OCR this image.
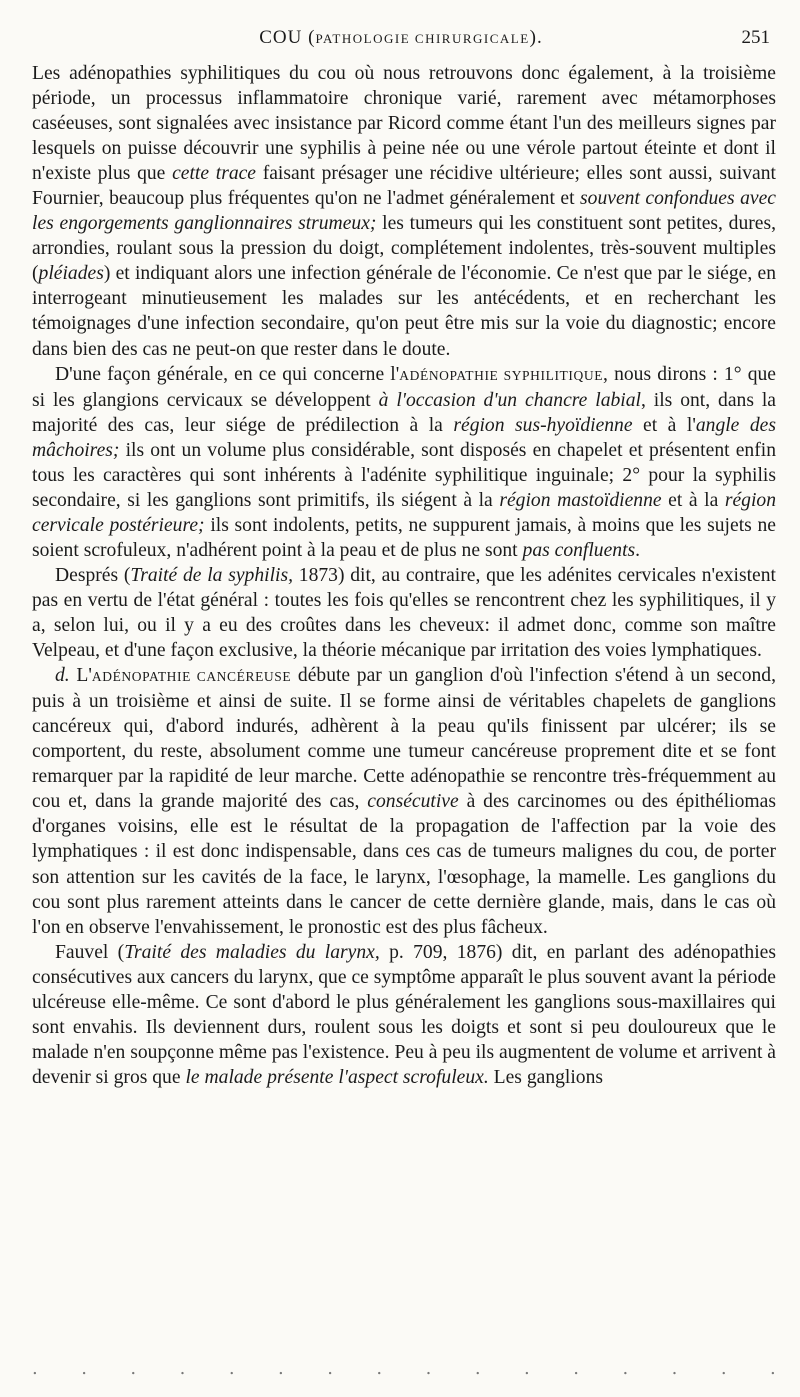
COU (PATHOLOGIE CHIRURGICALE).	251

Les adénopathies syphilitiques du cou où nous retrouvons donc également, à la troisième période, un processus inflammatoire chronique varié, rarement avec métamorphoses caséeuses, sont signalées avec insistance par Ricord comme étant l'un des meilleurs signes par lesquels on puisse découvrir une syphilis à peine née ou une vérole partout éteinte et dont il n'existe plus que cette trace faisant présager une récidive ultérieure; elles sont aussi, suivant Fournier, beaucoup plus fréquentes qu'on ne l'admet généralement et souvent confondues avec les engorgements ganglionnaires strumeux; les tumeurs qui les constituent sont petites, dures, arrondies, roulant sous la pression du doigt, complétement indolentes, très-souvent multiples (pléiades) et indiquant alors une infection générale de l'économie. Ce n'est que par le siége, en interrogeant minutieusement les malades sur les antécédents, et en recherchant les témoignages d'une infection secondaire, qu'on peut être mis sur la voie du diagnostic; encore dans bien des cas ne peut-on que rester dans le doute.

D'une façon générale, en ce qui concerne l'ADÉNOPATHIE SYPHILITIQUE, nous dirons : 1° que si les glangions cervicaux se développent à l'occasion d'un chancre labial, ils ont, dans la majorité des cas, leur siége de prédilection à la région sus-hyoïdienne et à l'angle des mâchoires; ils ont un volume plus considérable, sont disposés en chapelet et présentent enfin tous les caractères qui sont inhérents à l'adénite syphilitique inguinale; 2° pour la syphilis secondaire, si les ganglions sont primitifs, ils siégent à la région mastoïdienne et à la région cervicale postérieure; ils sont indolents, petits, ne suppurent jamais, à moins que les sujets ne soient scrofuleux, n'adhérent point à la peau et de plus ne sont pas confluents.

Després (Traité de la syphilis, 1873) dit, au contraire, que les adénites cervicales n'existent pas en vertu de l'état général : toutes les fois qu'elles se rencontrent chez les syphilitiques, il y a, selon lui, ou il y a eu des croûtes dans les cheveux: il admet donc, comme son maître Velpeau, et d'une façon exclusive, la théorie mécanique par irritation des voies lymphatiques.

d. L'ADÉNOPATHIE CANCÉREUSE débute par un ganglion d'où l'infection s'étend à un second, puis à un troisième et ainsi de suite. Il se forme ainsi de véritables chapelets de ganglions cancéreux qui, d'abord indurés, adhèrent à la peau qu'ils finissent par ulcérer; ils se comportent, du reste, absolument comme une tumeur cancéreuse proprement dite et se font remarquer par la rapidité de leur marche. Cette adénopathie se rencontre très-fréquemment au cou et, dans la grande majorité des cas, consécutive à des carcinomes ou des épithéliomas d'organes voisins, elle est le résultat de la propagation de l'affection par la voie des lymphatiques : il est donc indispensable, dans ces cas de tumeurs malignes du cou, de porter son attention sur les cavités de la face, le larynx, l'œsophage, la mamelle. Les ganglions du cou sont plus rarement atteints dans le cancer de cette dernière glande, mais, dans le cas où l'on en observe l'envahissement, le pronostic est des plus fâcheux.

Fauvel (Traité des maladies du larynx, p. 709, 1876) dit, en parlant des adénopathies consécutives aux cancers du larynx, que ce symptôme apparaît le plus souvent avant la période ulcéreuse elle-même. Ce sont d'abord le plus généralement les ganglions sous-maxillaires qui sont envahis. Ils deviennent durs, roulent sous les doigts et sont si peu douloureux que le malade n'en soupçonne même pas l'existence. Peu à peu ils augmentent de volume et arrivent à devenir si gros que le malade présente l'aspect scrofuleux. Les ganglions

. . . . . . . . . . . . . . . .
